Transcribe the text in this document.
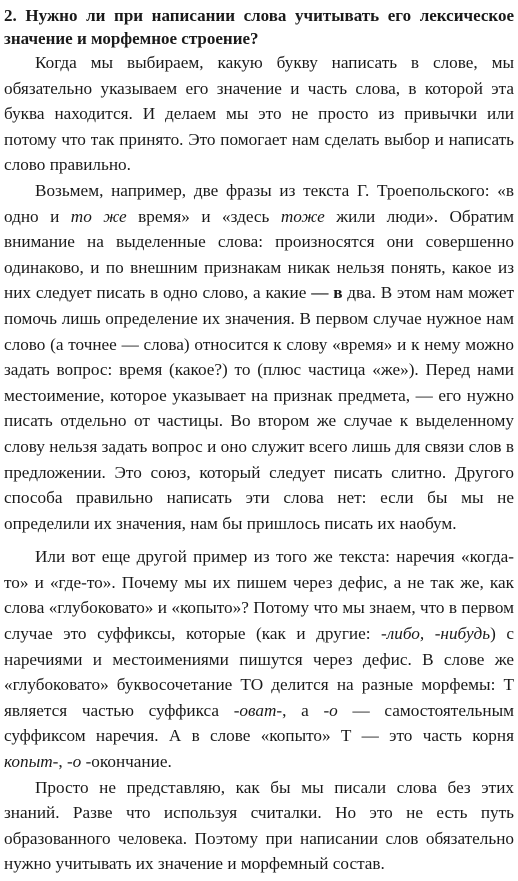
2. Нужно ли при написании слова учитывать его лексическое значение и морфемное строение?

Когда мы выбираем, какую букву написать в слове, мы обязательно указываем его значение и часть слова, в которой эта буква находится. И делаем мы это не просто из привычки или потому что так принято. Это помогает нам сделать выбор и написать слово правильно.

Возьмем, например, две фразы из текста Г. Троепольского: «в одно и то же время» и «здесь тоже жили люди». Обратим внимание на выделенные слова: произносятся они совершенно одинаково, и по внешним признакам никак нельзя понять, какое из них следует писать в одно слово, а какие — в два. В этом нам может помочь лишь определение их значения. В первом случае нужное нам слово (а точнее — слова) относится к слову «время» и к нему можно задать вопрос: время (какое?) то (плюс частица «же»). Перед нами местоимение, которое указывает на признак предмета, — его нужно писать отдельно от частицы. Во втором же случае к выделенному слову нельзя задать вопрос и оно служит всего лишь для связи слов в предложении. Это союз, который следует писать слитно. Другого способа правильно написать эти слова нет: если бы мы не определили их значения, нам бы пришлось писать их наобум.

Или вот еще другой пример из того же текста: наречия «когда-то» и «где-то». Почему мы их пишем через дефис, а не так же, как слова «глубоковато» и «копыто»? Потому что мы знаем, что в первом случае это суффиксы, которые (как и другие: -либо, -нибудь) с наречиями и местоимениями пишутся через дефис. В слове же «глубоковато» буквосочетание ТО делится на разные морфемы: Т является частью суффикса -оват-, а -о — самостоятельным суффиксом наречия. А в слове «копыто» Т — это часть корня копыт-, -о -окончание.

Просто не представляю, как бы мы писали слова без этих знаний. Разве что используя считалки. Но это не есть путь образованного человека. Поэтому при написании слов обязательно нужно учитывать их значение и морфемный состав.
